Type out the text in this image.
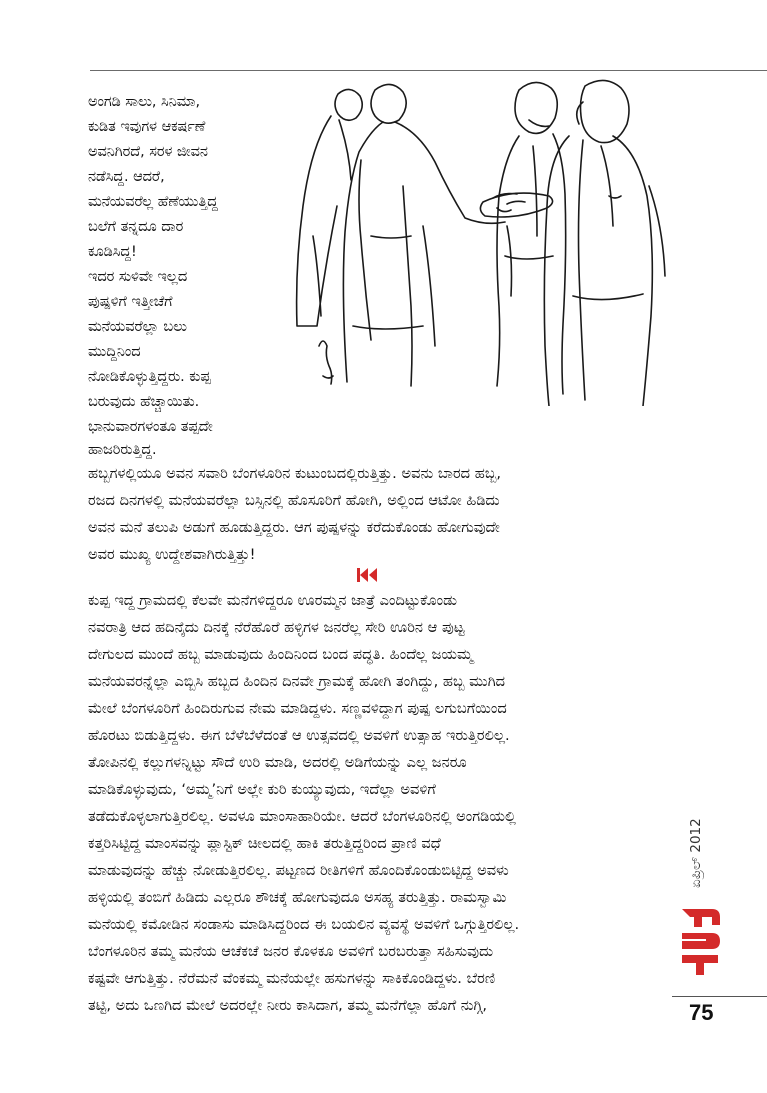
ಅಂಗಡಿ ಸಾಲು, ಸಿನಿಮಾ,
ಕುಡಿತ ಇವುಗಳ ಆಕರ್ಷಣೆ
ಅವನಿಗಿರದೆ, ಸರಳ ಜೀವನ
ನಡೆಸಿದ್ದ. ಆದರೆ,
ಮನೆಯವರೆಲ್ಲ ಹೆಣೆಯುತ್ತಿದ್ದ
ಬಲೆಗೆ ತನ್ನದೂ ದಾರ
ಕೂಡಿಸಿದ್ದ!
ಇದರ ಸುಳಿವೇ ಇಲ್ಲದ
ಪುಷ್ಪಳಿಗೆ ಇತ್ತೀಚೆಗೆ
ಮನೆಯವರೆಲ್ಲಾ ಬಲು
ಮುದ್ದಿನಿಂದ
ನೋಡಿಕೊಳ್ಳುತ್ತಿದ್ದರು. ಕುಪ್ಪ
ಬರುವುದು ಹೆಚ್ಚಾಯಿತು.
ಭಾನುವಾರಗಳಂತೂ ತಪ್ಪದೇ
ಹಾಜರಿರುತ್ತಿದ್ದ.
ಹಬ್ಬಗಳಲ್ಲಿಯೂ ಅವನ ಸವಾರಿ ಬೆಂಗಳೂರಿನ ಕುಟುಂಬದಲ್ಲಿರುತ್ತಿತ್ತು. ಅವನು ಬಾರದ ಹಬ್ಬ,
ರಜದ ದಿನಗಳಲ್ಲಿ ಮನೆಯವರೆಲ್ಲಾ ಬಸ್ಸಿನಲ್ಲಿ ಹೊಸೂರಿಗೆ ಹೋಗಿ, ಅಲ್ಲಿಂದ ಆಟೋ ಹಿಡಿದು
ಅವನ ಮನೆ ತಲುಪಿ ಅಡುಗೆ ಹೂಡುತ್ತಿದ್ದರು. ಆಗ ಪುಷ್ಪಳನ್ನು ಕರೆದುಕೊಂಡು ಹೋಗುವುದೇ
ಅವರ ಮುಖ್ಯ ಉದ್ದೇಶವಾಗಿರುತ್ತಿತ್ತು!
ಕುಪ್ಪ ಇದ್ದ ಗ್ರಾಮದಲ್ಲಿ ಕೆಲವೇ ಮನೆಗಳಿದ್ದರೂ ಊರಮ್ಮನ ಜಾತ್ರೆ ಎಂದಿಟ್ಟುಕೊಂಡು
ನವರಾತ್ರಿ ಆದ ಹದಿನೈದು ದಿನಕ್ಕೆ ನೆರೆಹೊರೆ ಹಳ್ಳಿಗಳ ಜನರೆಲ್ಲ ಸೇರಿ ಊರಿನ ಆ ಪುಟ್ಟ
ದೇಗುಲದ ಮುಂದೆ ಹಬ್ಬ ಮಾಡುವುದು ಹಿಂದಿನಿಂದ ಬಂದ ಪದ್ಧತಿ. ಹಿಂದೆಲ್ಲ ಜಯಮ್ಮ
ಮನೆಯವರನ್ನೆಲ್ಲಾ ಎಬ್ಬಿಸಿ ಹಬ್ಬದ ಹಿಂದಿನ ದಿನವೇ ಗ್ರಾಮಕ್ಕೆ ಹೋಗಿ ತಂಗಿದ್ದು, ಹಬ್ಬ ಮುಗಿದ
ಮೇಲೆ ಬೆಂಗಳೂರಿಗೆ ಹಿಂದಿರುಗುವ ನೇಮ ಮಾಡಿದ್ದಳು. ಸಣ್ಣವಳಿದ್ದಾಗ ಪುಷ್ಪ ಲಗುಬಗೆಯಿಂದ
ಹೊರಟು ಬಿಡುತ್ತಿದ್ದಳು. ಈಗ ಬೆಳೆಬೆಳೆದಂತೆ ಆ ಉತ್ಸವದಲ್ಲಿ ಅವಳಿಗೆ ಉತ್ಸಾಹ ಇರುತ್ತಿರಲಿಲ್ಲ.
ತೋಪಿನಲ್ಲಿ ಕಲ್ಲುಗಳನ್ನಿಟ್ಟು ಸೌದೆ ಉರಿ ಮಾಡಿ, ಅದರಲ್ಲಿ ಅಡಿಗೆಯನ್ನು ಎಲ್ಲ ಜನರೂ
ಮಾಡಿಕೊಳ್ಳುವುದು, ‘ಅಮ್ಮ’ನಿಗೆ ಅಲ್ಲೇ ಕುರಿ ಕುಯ್ಯುವುದು, ಇದೆಲ್ಲಾ ಅವಳಿಗೆ
ತಡೆದುಕೊಳ್ಳಲಾಗುತ್ತಿರಲಿಲ್ಲ. ಅವಳೂ ಮಾಂಸಾಹಾರಿಯೇ. ಆದರೆ ಬೆಂಗಳೂರಿನಲ್ಲಿ ಅಂಗಡಿಯಲ್ಲಿ
ಕತ್ತರಿಸಿಟ್ಟಿದ್ದ ಮಾಂಸವನ್ನು ಪ್ಲಾಸ್ಟಿಕ್ ಚೀಲದಲ್ಲಿ ಹಾಕಿ ತರುತ್ತಿದ್ದರಿಂದ ಪ್ರಾಣಿ ವಧೆ
ಮಾಡುವುದನ್ನು ಹೆಚ್ಚು ನೋಡುತ್ತಿರಲಿಲ್ಲ. ಪಟ್ಟಣದ ರೀತಿಗಳಿಗೆ ಹೊಂದಿಕೊಂಡುಬಿಟ್ಟಿದ್ದ ಅವಳು
ಹಳ್ಳಿಯಲ್ಲಿ ತಂಬಿಗೆ ಹಿಡಿದು ಎಲ್ಲರೂ ಶೌಚಕ್ಕೆ ಹೋಗುವುದೂ ಅಸಹ್ಯ ತರುತ್ತಿತ್ತು. ರಾಮಸ್ವಾಮಿ
ಮನೆಯಲ್ಲಿ ಕಮೋಡಿನ ಸಂಡಾಸು ಮಾಡಿಸಿದ್ದರಿಂದ ಈ ಬಯಲಿನ ವ್ಯವಸ್ಥೆ ಅವಳಿಗೆ ಒಗ್ಗುತ್ತಿರಲಿಲ್ಲ.
ಬೆಂಗಳೂರಿನ ತಮ್ಮ ಮನೆಯ ಆಚೆಕಚೆ ಜನರ ಕೊಳಕೂ ಅವಳಿಗೆ ಬರಬರುತ್ತಾ ಸಹಿಸುವುದು
ಕಷ್ಟವೇ ಆಗುತ್ತಿತ್ತು. ನೆರೆಮನೆ ವೆಂಕಮ್ಮ ಮನೆಯಲ್ಲೇ ಹಸುಗಳನ್ನು ಸಾಕಿಕೊಂಡಿದ್ದಳು. ಬೆರಣಿ
ತಟ್ಟಿ, ಅದು ಒಣಗಿದ ಮೇಲೆ ಅದರಲ್ಲೇ ನೀರು ಕಾಸಿದಾಗ, ತಮ್ಮ ಮನೆಗೆಲ್ಲಾ ಹೊಗೆ ನುಗ್ಗಿ,
ಏಪ್ರಿಲ್ 2012
75
